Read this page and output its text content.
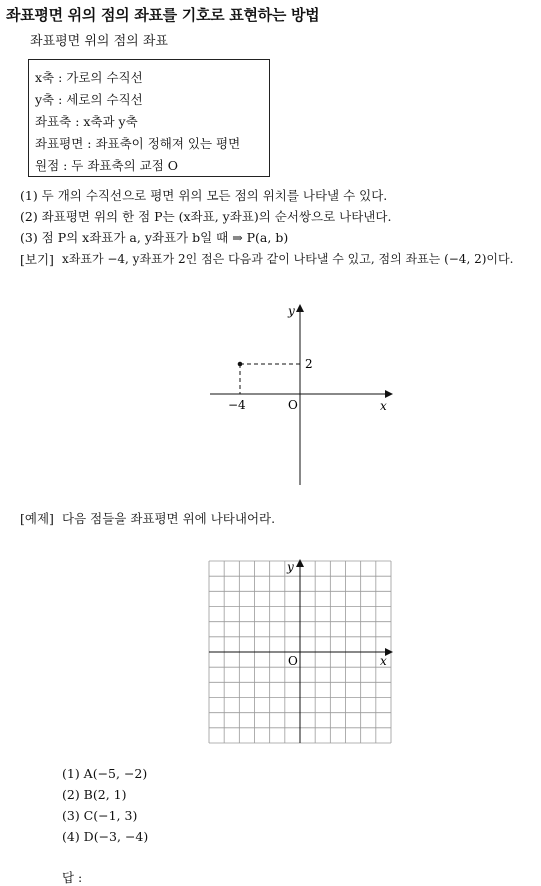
좌표평면 위의 점의 좌표를 기호로 표현하는 방법
좌표평면 위의 점의 좌표
x축 : 가로의 수직선
y축 : 세로의 수직선
좌표축 : x축과 y축
좌표평면 : 좌표축이 정해져 있는 평면
원점 : 두 좌표축의 교점 O
(1) 두 개의 수직선으로 평면 위의 모든 점의 위치를 나타낼 수 있다.
(2) 좌표평면 위의 한 점 P는 (x좌표, y좌표)의 순서쌍으로 나타낸다.
(3) 점 P의 x좌표가 a, y좌표가 b일 때 ⇒ P(a, b)
[보기] x좌표가 −4, y좌표가 2인 점은 다음과 같이 나타낼 수 있고, 점의 좌표는 (−4, 2)이다.
y
x
O
−4
2
[예제] 다음 점들을 좌표평면 위에 나타내어라.
y
x
O
(1) A(−5, −2)
(2) B(2, 1)
(3) C(−1, 3)
(4) D(−3, −4)
답 :
